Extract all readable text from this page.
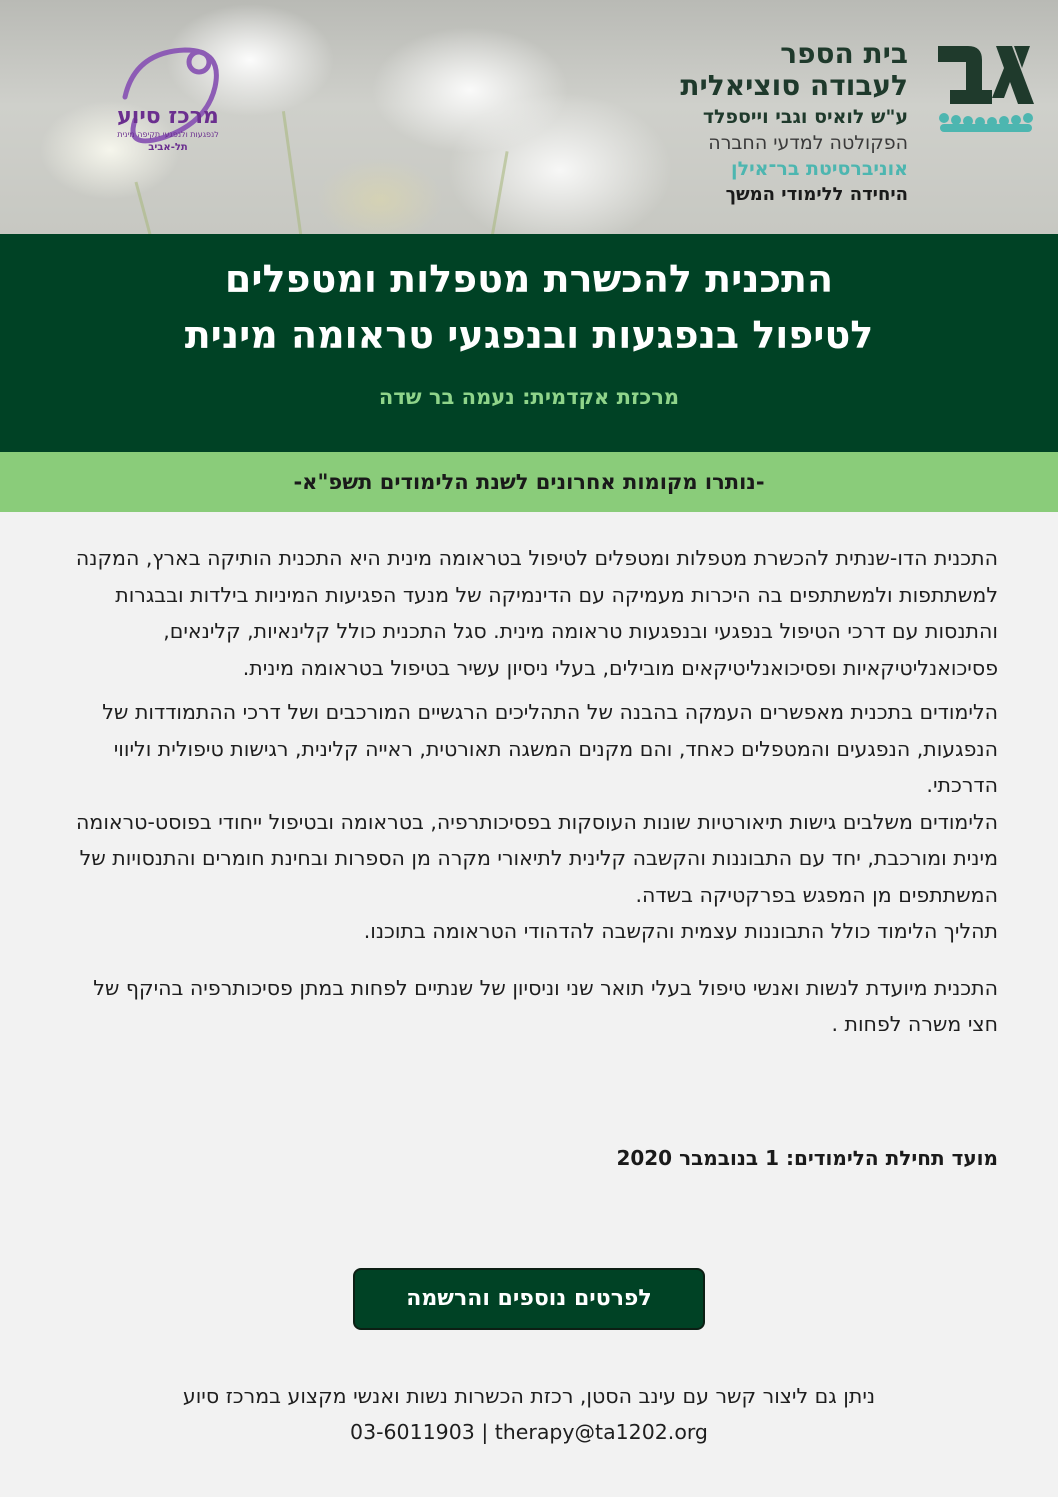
בית הספר
לעבודה סוציאלית
ע"ש לואיס וגבי וייספלד
הפקולטה למדעי החברה
אוניברסיטת בר־אילן
היחידה ללימודי המשך
מרכז סיוע
לנפגעות ולנפגעי תקיפה מינית
תל-אביב
התכנית להכשרת מטפלות ומטפלים
לטיפול בנפגעות ובנפגעי טראומה מינית
מרכזת אקדמית: נעמה בר שדה
-נותרו מקומות אחרונים לשנת הלימודים תשפ"א-

התכנית הדו-שנתית להכשרת מטפלות ומטפלים לטיפול בטראומה מינית היא התכנית הותיקה בארץ, המקנה למשתתפות ולמשתתפים בה היכרות מעמיקה עם הדינמיקה של מנעד הפגיעות המיניות בילדות ובבגרות והתנסות עם דרכי הטיפול בנפגעי ובנפגעות טראומה מינית. סגל התכנית כולל קלינאיות, קלינאים, פסיכואנליטיקאיות ופסיכואנליטיקאים מובילים, בעלי ניסיון עשיר בטיפול בטראומה מינית.

הלימודים בתכנית מאפשרים העמקה בהבנה של התהליכים הרגשיים המורכבים ושל דרכי ההתמודדות של הנפגעות, הנפגעים והמטפלים כאחד, והם מקנים המשגה תאורטית, ראייה קלינית, רגישות טיפולית וליווי הדרכתי.

הלימודים משלבים גישות תיאורטיות שונות העוסקות בפסיכותרפיה, בטראומה ובטיפול ייחודי בפוסט-טראומה מינית ומורכבת, יחד עם התבוננות והקשבה קלינית לתיאורי מקרה מן הספרות ובחינת חומרים והתנסויות של המשתתפים מן המפגש בפרקטיקה בשדה.

תהליך הלימוד כולל התבוננות עצמית והקשבה להדהודי הטראומה בתוכנו.

התכנית מיועדת לנשות ואנשי טיפול בעלי תואר שני וניסיון של שנתיים לפחות במתן פסיכותרפיה בהיקף של חצי משרה לפחות .

מועד תחילת הלימודים: 1 בנובמבר 2020
לפרטים נוספים והרשמה
ניתן גם ליצור קשר עם עינב הסטן, רכזת הכשרות נשות ואנשי מקצוע במרכז סיוע
03-6011903 | therapy@ta1202.org
